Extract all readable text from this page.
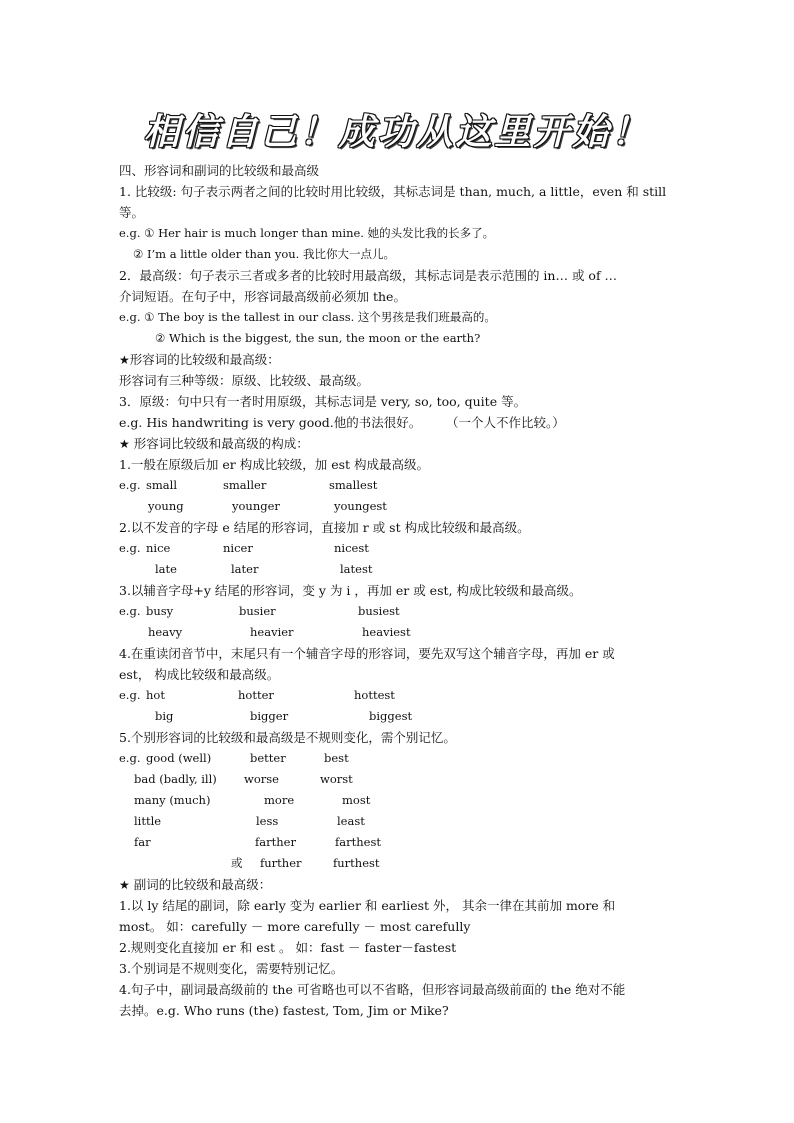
相信自己！成功从这里开始！
四、形容词和副词的比较级和最高级
1. 比较级: 句子表示两者之间的比较时用比较级，其标志词是 than, much, a little，even 和 still
等。
e.g. ① Her hair is much longer than mine. 她的头发比我的长多了。
② I’m a little older than you. 我比你大一点儿。
2．最高级：句子表示三者或多者的比较时用最高级，其标志词是表示范围的 in… 或 of …
介词短语。在句子中，形容词最高级前必须加 the。
e.g. ① The boy is the tallest in our class. 这个男孩是我们班最高的。
② Which is the biggest, the sun, the moon or the earth?
★形容词的比较级和最高级：
形容词有三种等级：原级、比较级、最高级。
3．原级：句中只有一者时用原级，其标志词是 very, so, too, quite 等。
e.g. His handwriting is very good.他的书法很好。 （一个人不作比较。）
★ 形容词比较级和最高级的构成：
1.一般在原级后加 er 构成比较级，加 est 构成最高级。
e.g. small	smaller	smallest
young	younger	youngest
2.以不发音的字母 e 结尾的形容词，直接加 r 或 st 构成比较级和最高级。
e.g. nice	nicer	nicest
late	later	latest
3.以辅音字母+y 结尾的形容词，变 y 为 i ，再加 er 或 est, 构成比较级和最高级。
e.g. busy	busier	busiest
heavy	heavier	heaviest
4.在重读闭音节中，末尾只有一个辅音字母的形容词，要先双写这个辅音字母，再加 er 或
est， 构成比较级和最高级。
e.g. hot	hotter	hottest
big	bigger	biggest
5.个别形容词的比较级和最高级是不规则变化，需个别记忆。
e.g. good (well)	better	best
bad (badly, ill) worse	worst
many (much)	more	most
little	less	least
far	farther	farthest
或 further	furthest
★ 副词的比较级和最高级：
1.以 ly 结尾的副词，除 early 变为 earlier 和 earliest 外， 其余一律在其前加 more 和
most。 如：carefully － more carefully － most carefully
2.规则变化直接加 er 和 est 。 如：fast － faster－fastest
3.个别词是不规则变化，需要特别记忆。
4.句子中，副词最高级前的 the 可省略也可以不省略，但形容词最高级前面的 the 绝对不能
去掉。e.g. Who runs (the) fastest, Tom, Jim or Mike?
